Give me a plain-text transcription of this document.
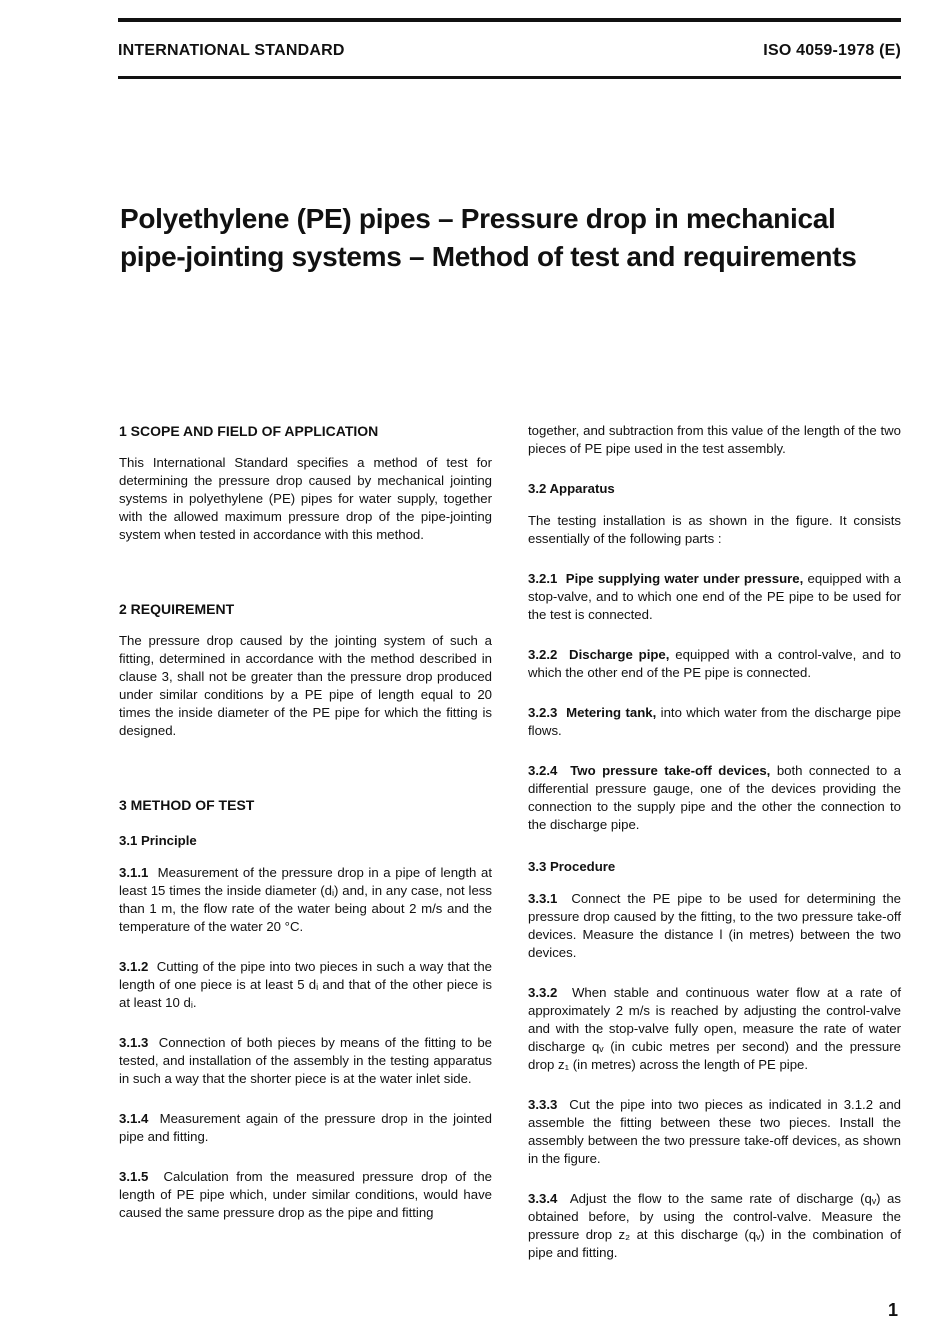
INTERNATIONAL STANDARD	ISO 4059-1978 (E)
Polyethylene (PE) pipes – Pressure drop in mechanical
pipe-jointing systems – Method of test and requirements

1 SCOPE AND FIELD OF APPLICATION

This International Standard specifies a method of test for determining the pressure drop caused by mechanical jointing systems in polyethylene (PE) pipes for water supply, together with the allowed maximum pressure drop of the pipe-jointing system when tested in accordance with this method.

2 REQUIREMENT

The pressure drop caused by the jointing system of such a fitting, determined in accordance with the method described in clause 3, shall not be greater than the pressure drop produced under similar conditions by a PE pipe of length equal to 20 times the inside diameter of the PE pipe for which the fitting is designed.

3 METHOD OF TEST

3.1 Principle

3.1.1 Measurement of the pressure drop in a pipe of length at least 15 times the inside diameter (dᵢ) and, in any case, not less than 1 m, the flow rate of the water being about 2 m/s and the temperature of the water 20 °C.

3.1.2 Cutting of the pipe into two pieces in such a way that the length of one piece is at least 5 dᵢ and that of the other piece is at least 10 dᵢ.

3.1.3 Connection of both pieces by means of the fitting to be tested, and installation of the assembly in the testing apparatus in such a way that the shorter piece is at the water inlet side.

3.1.4 Measurement again of the pressure drop in the jointed pipe and fitting.

3.1.5 Calculation from the measured pressure drop of the length of PE pipe which, under similar conditions, would have caused the same pressure drop as the pipe and fitting

together, and subtraction from this value of the length of the two pieces of PE pipe used in the test assembly.

3.2 Apparatus

The testing installation is as shown in the figure. It consists essentially of the following parts :

3.2.1 Pipe supplying water under pressure, equipped with a stop-valve, and to which one end of the PE pipe to be used for the test is connected.

3.2.2 Discharge pipe, equipped with a control-valve, and to which the other end of the PE pipe is connected.

3.2.3 Metering tank, into which water from the discharge pipe flows.

3.2.4 Two pressure take-off devices, both connected to a differential pressure gauge, one of the devices providing the connection to the supply pipe and the other the connection to the discharge pipe.

3.3 Procedure

3.3.1 Connect the PE pipe to be used for determining the pressure drop caused by the fitting, to the two pressure take-off devices. Measure the distance l (in metres) between the two devices.

3.3.2 When stable and continuous water flow at a rate of approximately 2 m/s is reached by adjusting the control-valve and with the stop-valve fully open, measure the rate of water discharge qᵥ (in cubic metres per second) and the pressure drop z₁ (in metres) across the length of PE pipe.

3.3.3 Cut the pipe into two pieces as indicated in 3.1.2 and assemble the fitting between these two pieces. Install the assembly between the two pressure take-off devices, as shown in the figure.

3.3.4 Adjust the flow to the same rate of discharge (qᵥ) as obtained before, by using the control-valve. Measure the pressure drop z₂ at this discharge (qᵥ) in the combination of pipe and fitting.

1
